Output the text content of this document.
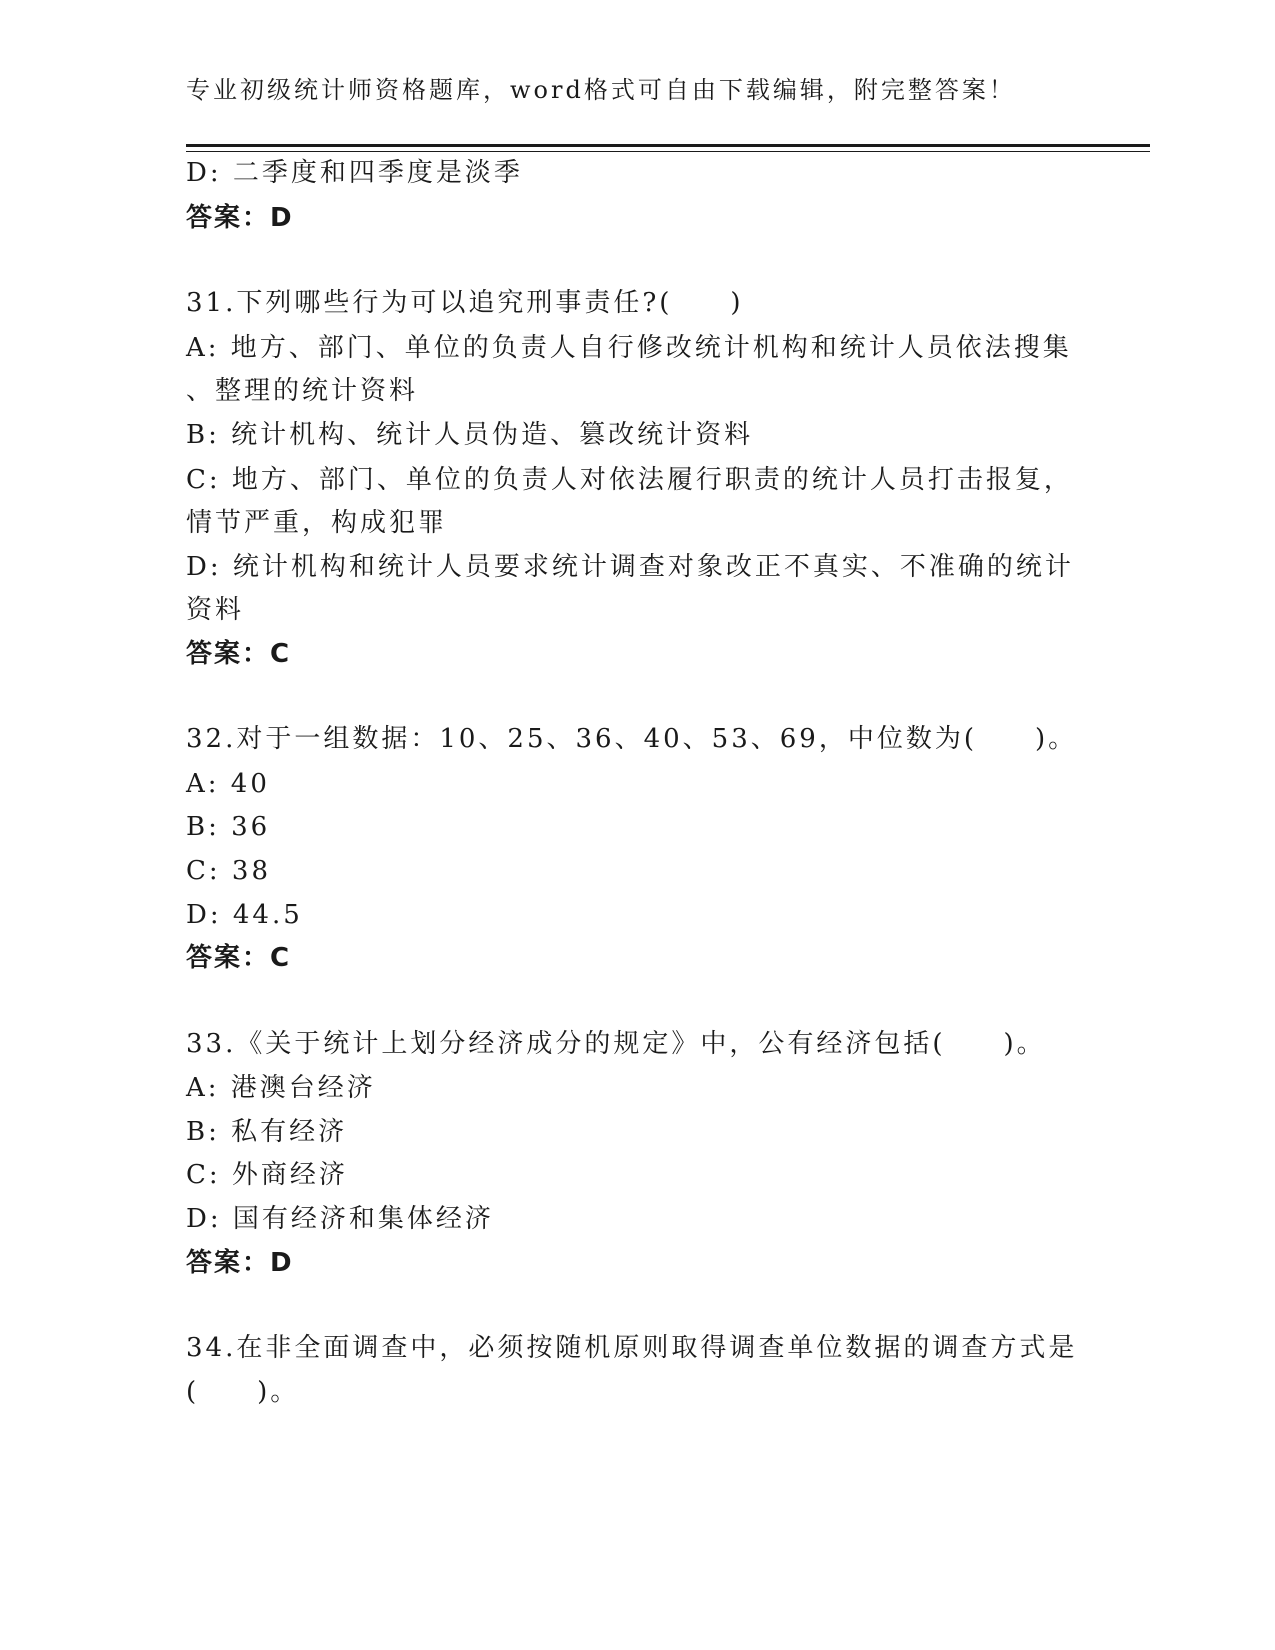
专业初级统计师资格题库，word格式可自由下载编辑，附完整答案！
D: 二季度和四季度是淡季
答案：D
31.下列哪些行为可以追究刑事责任?(　　)
A: 地方、部门、单位的负责人自行修改统计机构和统计人员依法搜集
、整理的统计资料
B: 统计机构、统计人员伪造、篡改统计资料
C: 地方、部门、单位的负责人对依法履行职责的统计人员打击报复，
情节严重，构成犯罪
D: 统计机构和统计人员要求统计调查对象改正不真实、不准确的统计
资料
答案：C
32.对于一组数据：10、25、36、40、53、69，中位数为(　　)。
A: 40
B: 36
C: 38
D: 44.5
答案：C
33.《关于统计上划分经济成分的规定》中，公有经济包括(　　)。
A: 港澳台经济
B: 私有经济
C: 外商经济
D: 国有经济和集体经济
答案：D
34.在非全面调查中，必须按随机原则取得调查单位数据的调查方式是
(　　)。
